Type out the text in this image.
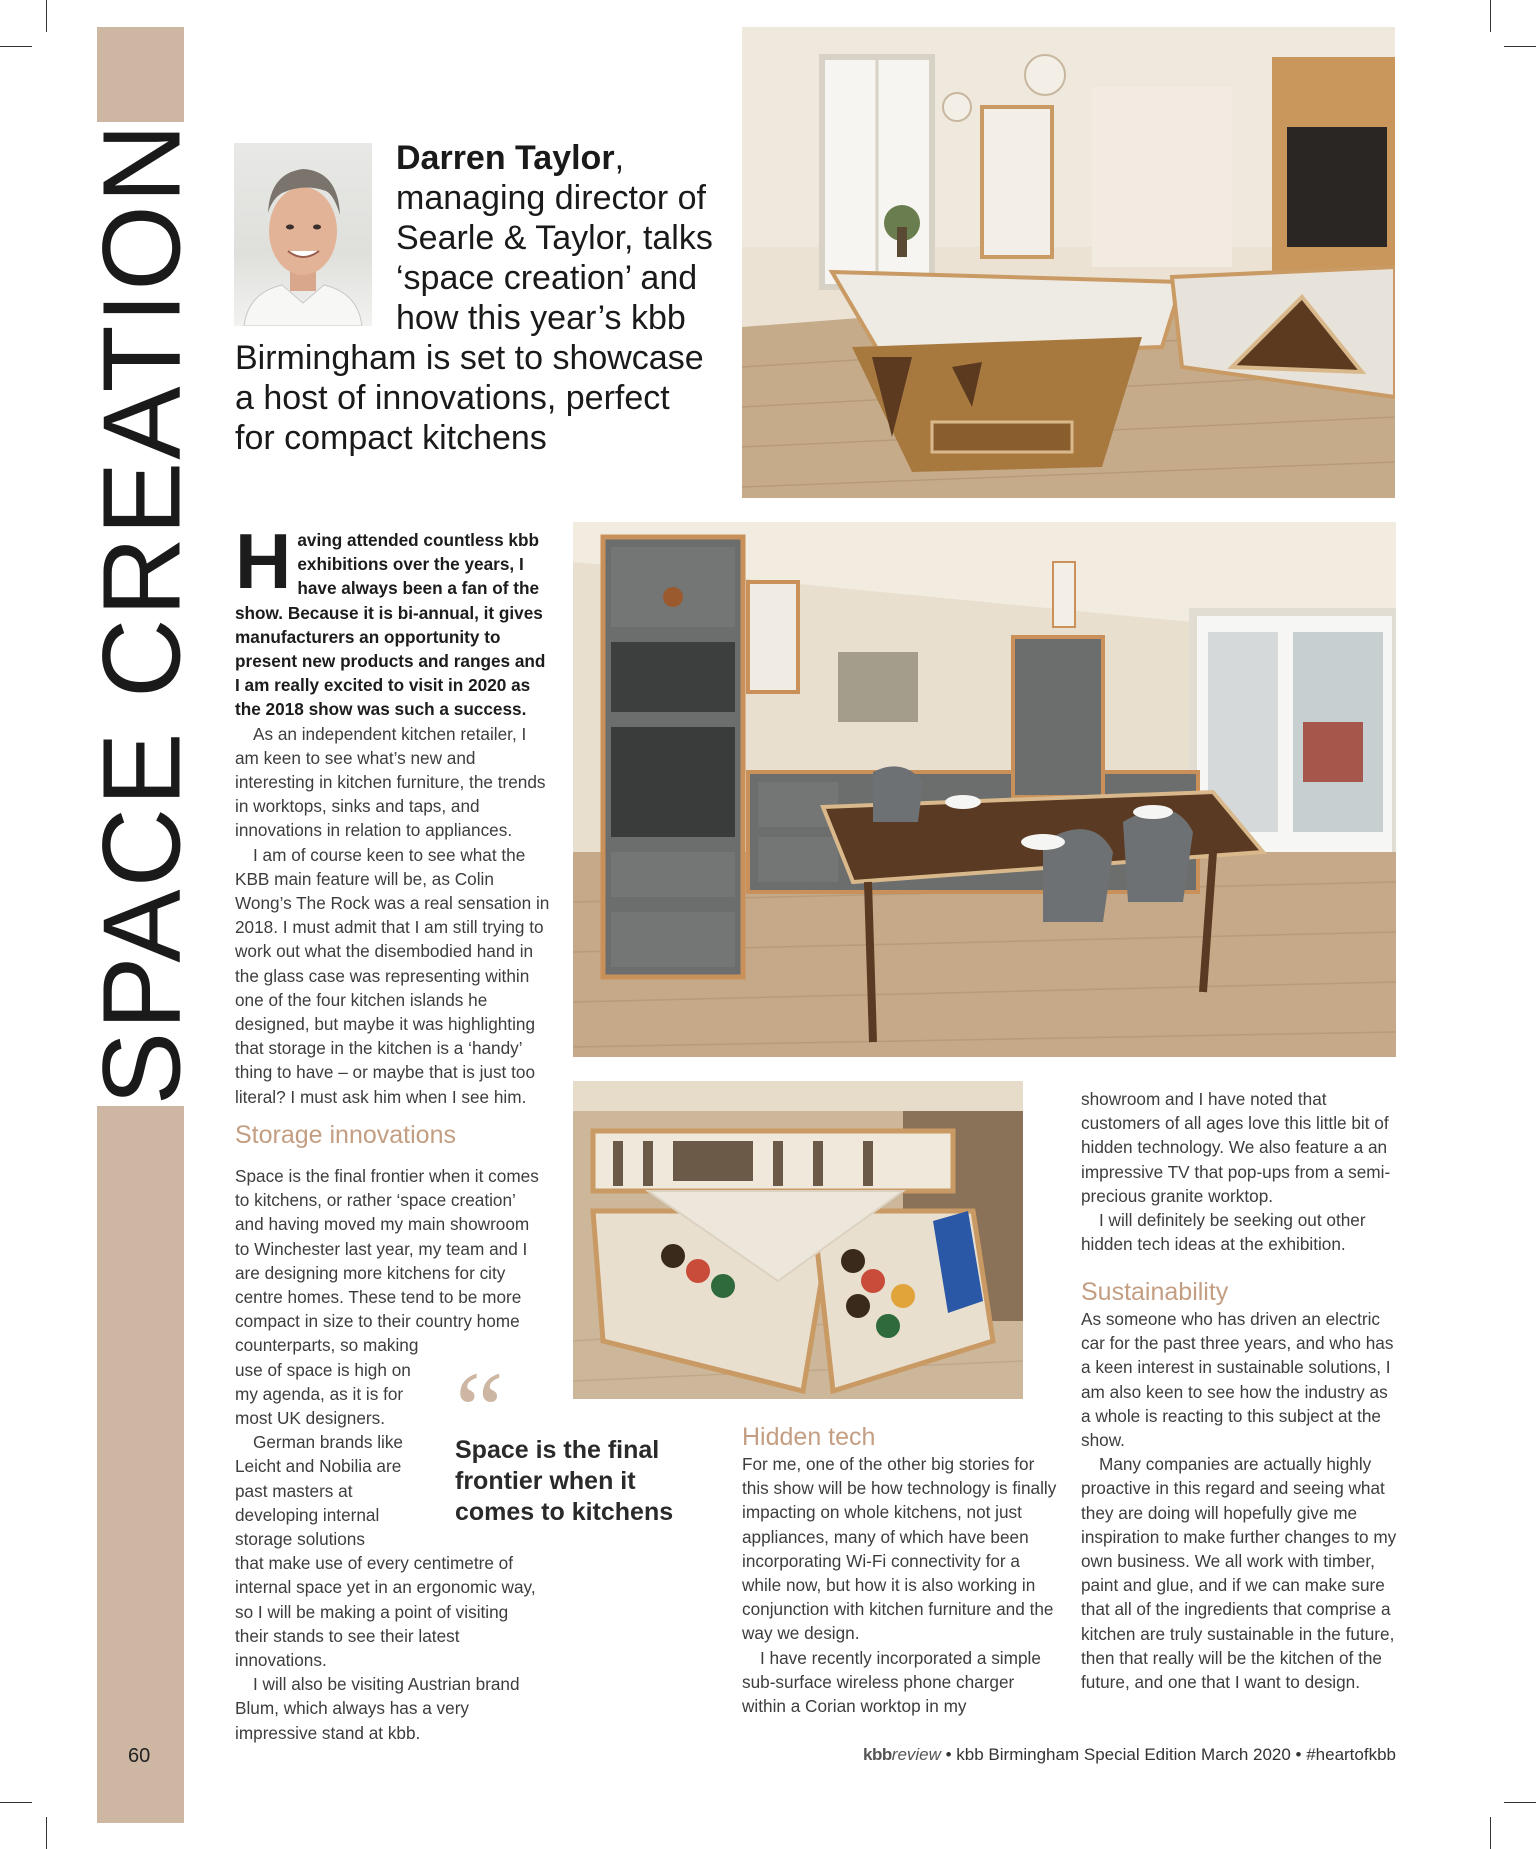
SPACE CREATION
60
Darren Taylor, managing director of Searle & Taylor, talks ‘space creation’ and how this year’s kbb Birmingham is set to showcase a host of innovations, perfect for compact kitchens

Having attended countless kbb exhibitions over the years, I have always been a fan of the show. Because it is bi-annual, it gives manufacturers an opportunity to present new products and ranges and I am really excited to visit in 2020 as the 2018 show was such a success.

As an independent kitchen retailer, I am keen to see what’s new and interesting in kitchen furniture, the trends in worktops, sinks and taps, and innovations in relation to appliances.

I am of course keen to see what the KBB main feature will be, as Colin Wong’s The Rock was a real sensation in 2018. I must admit that I am still trying to work out what the disembodied hand in the glass case was representing within one of the four kitchen islands he designed, but maybe it was highlighting that storage in the kitchen is a ‘handy’ thing to have – or maybe that is just too literal? I must ask him when I see him.

Storage innovations

Space is the final frontier when it comes to kitchens, or rather ‘space creation’ and having moved my main showroom to Winchester last year, my team and I are designing more kitchens for city centre homes. These tend to be more compact in size to their country home

counterparts, so making use of space is high on my agenda, as it is for most UK designers.

German brands like Leicht and Nobilia are past masters at developing internal storage solutions

that make use of every centimetre of internal space yet in an ergonomic way, so I will be making a point of visiting their stands to see their latest innovations.

I will also be visiting Austrian brand Blum, which always has a very impressive stand at kbb.

“
Space is the final frontier when it comes to kitchens
Hidden tech

For me, one of the other big stories for this show will be how technology is finally impacting on whole kitchens, not just appliances, many of which have been incorporating Wi-Fi connectivity for a while now, but how it is also working in conjunction with kitchen furniture and the way we design.

I have recently incorporated a simple sub-surface wireless phone charger within a Corian worktop in my

showroom and I have noted that customers of all ages love this little bit of hidden technology. We also feature a an impressive TV that pop-ups from a semi-precious granite worktop.

I will definitely be seeking out other hidden tech ideas at the exhibition.

Sustainability

As someone who has driven an electric car for the past three years, and who has a keen interest in sustainable solutions, I am also keen to see how the industry as a whole is reacting to this subject at the show.

Many companies are actually highly proactive in this regard and seeing what they are doing will hopefully give me inspiration to make further changes to my own business. We all work with timber, paint and glue, and if we can make sure that all of the ingredients that comprise a kitchen are truly sustainable in the future, then that really will be the kitchen of the future, and one that I want to design.

kbbreview • kbb Birmingham Special Edition March 2020 • #heartofkbb
